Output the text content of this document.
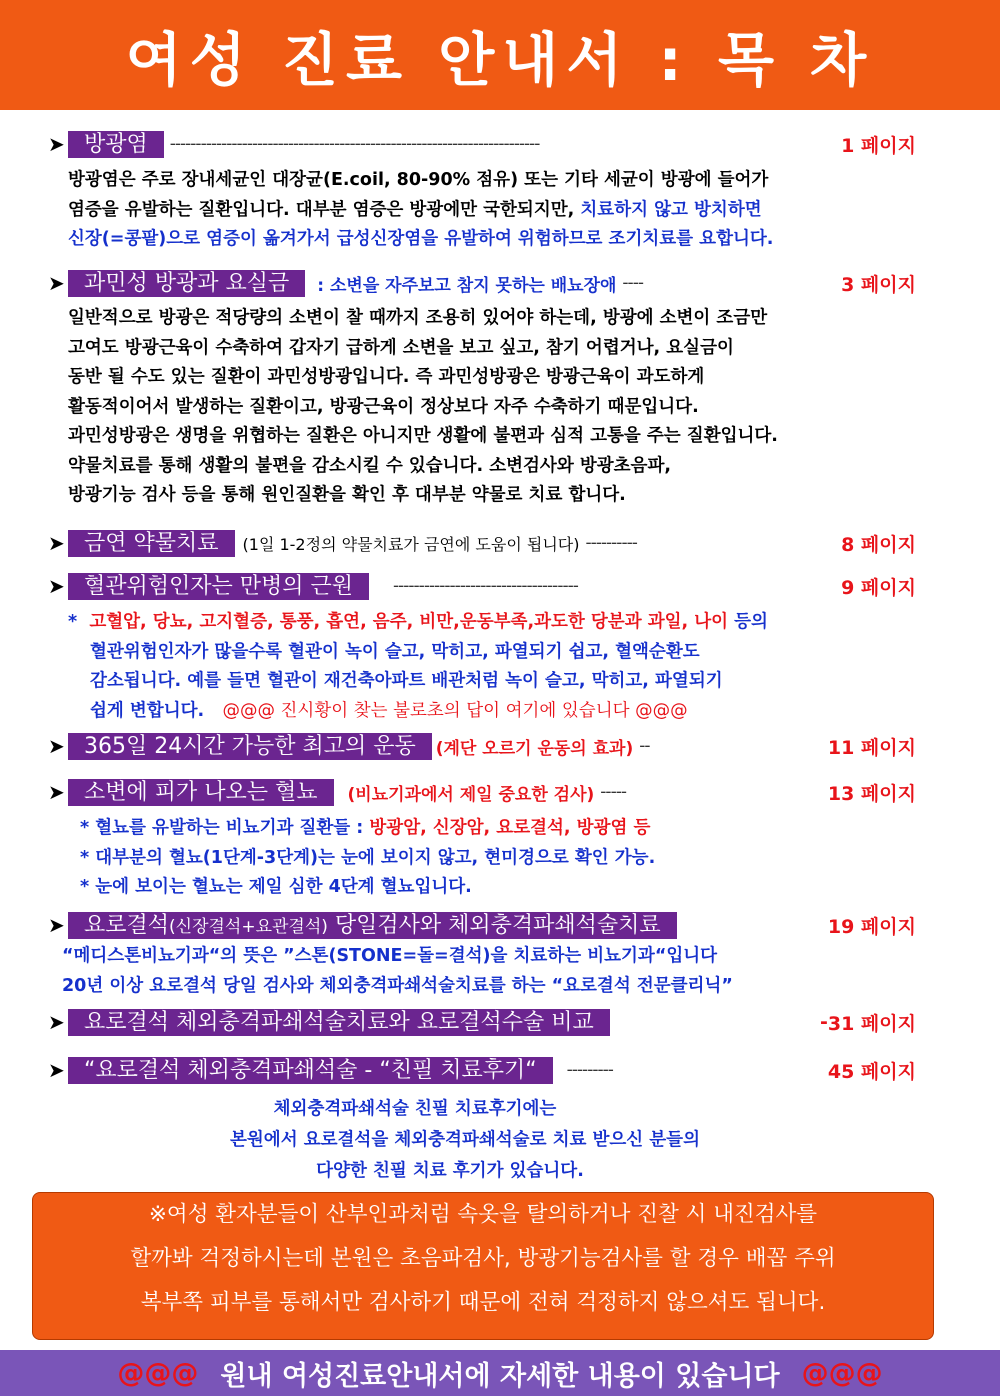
여성 진료 안내서 : 목 차
➤ 방광염	------------------------------------------------------------------------	1 페이지

방광염은 주로 장내세균인 대장균(E.coil, 80-90% 점유) 또는 기타 세균이 방광에 들어가

염증을 유발하는 질환입니다. 대부분 염증은 방광에만 국한되지만, 치료하지 않고 방치하면

신장(=콩팥)으로 염증이 옮겨가서 급성신장염을 유발하여 위험하므로 조기치료를 요합니다.

➤ 과민성 방광과 요실금	: 소변을 자주보고 참지 못하는 배뇨장애 ----	3 페이지

일반적으로 방광은 적당량의 소변이 찰 때까지 조용히 있어야 하는데, 방광에 소변이 조금만

고여도 방광근육이 수축하여 갑자기 급하게 소변을 보고 싶고, 참기 어렵거나, 요실금이

동반 될 수도 있는 질환이 과민성방광입니다. 즉 과민성방광은 방광근육이 과도하게

활동적이어서 발생하는 질환이고, 방광근육이 정상보다 자주 수축하기 때문입니다.

과민성방광은 생명을 위협하는 질환은 아니지만 생활에 불편과 심적 고통을 주는 질환입니다.

약물치료를 통해 생활의 불편을 감소시킬 수 있습니다. 소변검사와 방광초음파,

방광기능 검사 등을 통해 원인질환을 확인 후 대부분 약물로 치료 합니다.

➤ 금연 약물치료	(1일 1-2정의 약물치료가 금연에 도움이 됩니다) ----------	8 페이지
➤ 혈관위험인자는 만병의 근원	------------------------------------	9 페이지

* 고혈압, 당뇨, 고지혈증, 통풍, 흡연, 음주, 비만,운동부족,과도한 당분과 과일, 나이 등의

혈관위험인자가 많을수록 혈관이 녹이 슬고, 막히고, 파열되기 쉽고, 혈액순환도

감소됩니다. 예를 들면 혈관이 재건축아파트 배관처럼 녹이 슬고, 막히고, 파열되기

쉽게 변합니다. @@@ 진시황이 찾는 불로초의 답이 여기에 있습니다 @@@

➤ 365일 24시간 가능한 최고의 운동	(계단 오르기 운동의 효과) --	11 페이지
➤ 소변에 피가 나오는 혈뇨	(비뇨기과에서 제일 중요한 검사) -----	13 페이지

* 혈뇨를 유발하는 비뇨기과 질환들 : 방광암, 신장암, 요로결석, 방광염 등

* 대부분의 혈뇨(1단계-3단계)는 눈에 보이지 않고, 현미경으로 확인 가능.

* 눈에 보이는 혈뇨는 제일 심한 4단계 혈뇨입니다.

➤ 요로결석(신장결석+요관결석) 당일검사와 체외충격파쇄석술치료	19 페이지

“메디스톤비뇨기과“의 뜻은 ”스톤(STONE=돌=결석)을 치료하는 비뇨기과“입니다

20년 이상 요로결석 당일 검사와 체외충격파쇄석술치료를 하는 “요로결석 전문클리닉”

➤ 요로결석 체외충격파쇄석술치료와 요로결석수술 비교	- 31 페이지
➤ “요로결석 체외충격파쇄석술 - “친필 치료후기“	---------	45 페이지

체외충격파쇄석술 친필 치료후기에는

본원에서 요로결석을 체외충격파쇄석술로 치료 받으신 분들의

다양한 친필 치료 후기가 있습니다.

※여성 환자분들이 산부인과처럼 속옷을 탈의하거나 진찰 시 내진검사를

할까봐 걱정하시는데 본원은 초음파검사, 방광기능검사를 할 경우 배꼽 주위

복부쪽 피부를 통해서만 검사하기 때문에 전혀 걱정하지 않으셔도 됩니다.

@@@ 원내 여성진료안내서에 자세한 내용이 있습니다 @@@
